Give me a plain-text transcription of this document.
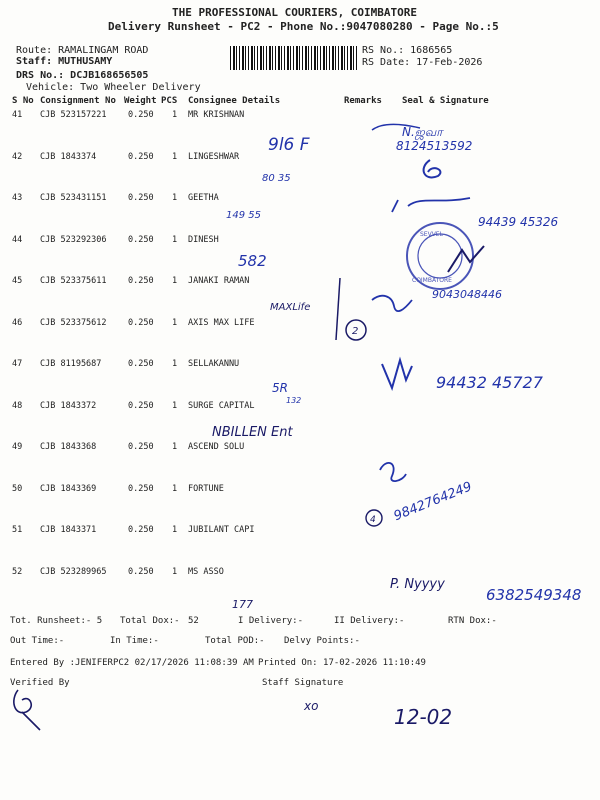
THE PROFESSIONAL COURIERS, COIMBATORE
Delivery Runsheet - PC2 - Phone No.:9047080280 - Page No.:5
Route: RAMALINGAM ROAD
Staff: MUTHUSAMY
DRS No.: DCJB168656505
Vehicle: Two Wheeler Delivery
RS No.: 1686565
RS Date: 17-Feb-2026
S No Consignment No Weight PCS Consignee Details	Remarks Seal & Signature
41 CJB 523157221	0.250 1 MR KRISHNAN
42 CJB 1843374	0.250 1 LINGESHWAR
43 CJB 523431151	0.250 1 GEETHA
44 CJB 523292306	0.250 1 DINESH
45 CJB 523375611	0.250 1 JANAKI RAMAN
46 CJB 523375612	0.250 1 AXIS MAX LIFE
47 CJB 81195687	0.250 1 SELLAKANNU
48 CJB 1843372	0.250 1 SURGE CAPITAL
49 CJB 1843368	0.250 1 ASCEND SOLU
50 CJB 1843369	0.250 1 FORTUNE
51 CJB 1843371	0.250 1 JUBILANT CAPI
52 CJB 523289965	0.250 1 MS ASSO
Tot. Runsheet:- 5 Total Dox:- 52	I Delivery:-	II Delivery:-	RTN Dox:-
Out Time:-	In Time:-	Total POD:- Delvy Points:-
Entered By :JENIFERPC2 02/17/2026 11:08:39 AM Printed On: 17-02-2026 11:10:49
Verified By	Staff Signature
9l6 F
N.ஜவா
8124513592
80 35
149 55	94439 45326
582
SEVVEL
COIMBATORE
9043048446
MAXLife
2
94432 45727
5R
132
NBILLEN Ent
9842764249
4
177
P. Nyyyy
6382549348
xo	12-02
